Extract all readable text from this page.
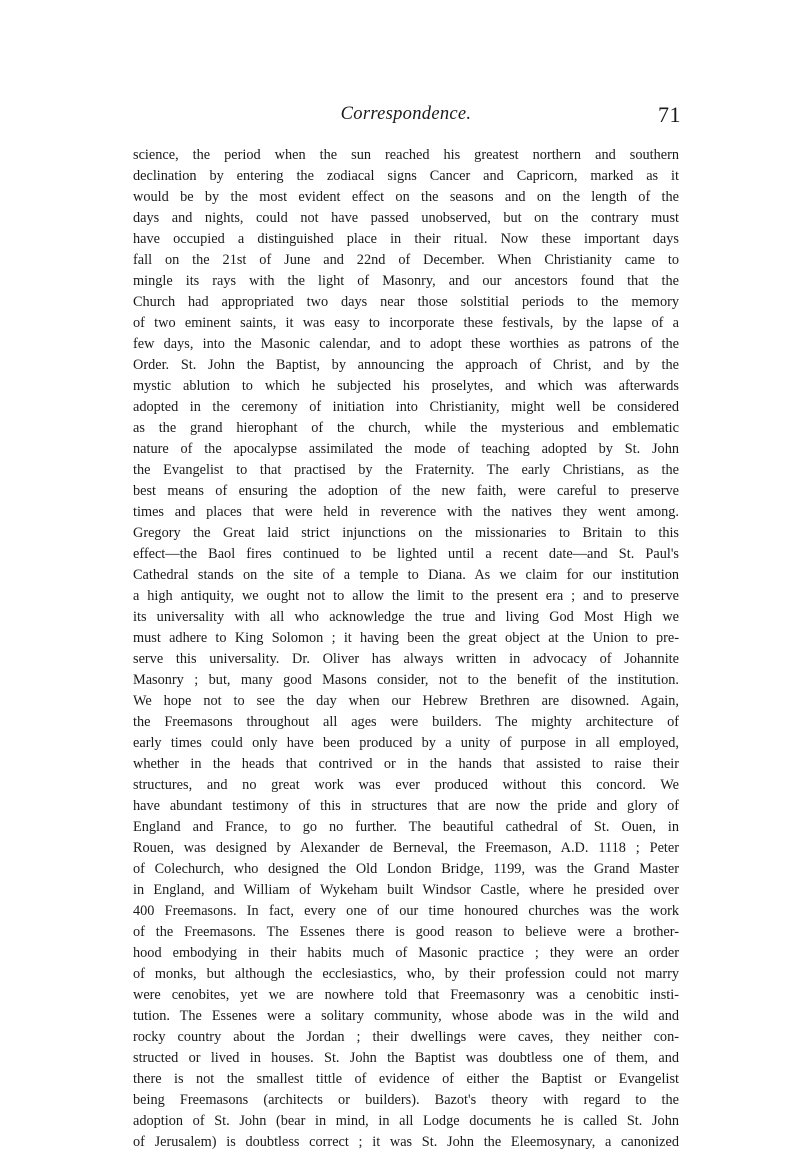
Correspondence.	71
science, the period when the sun reached his greatest northern and southern
declination by entering the zodiacal signs Cancer and Capricorn, marked as it
would be by the most evident effect on the seasons and on the length of the
days and nights, could not have passed unobserved, but on the contrary must
have occupied a distinguished place in their ritual. Now these important days
fall on the 21st of June and 22nd of December. When Christianity came to
mingle its rays with the light of Masonry, and our ancestors found that the
Church had appropriated two days near those solstitial periods to the memory
of two eminent saints, it was easy to incorporate these festivals, by the lapse of a
few days, into the Masonic calendar, and to adopt these worthies as patrons of the
Order. St. John the Baptist, by announcing the approach of Christ, and by the
mystic ablution to which he subjected his proselytes, and which was afterwards
adopted in the ceremony of initiation into Christianity, might well be considered
as the grand hierophant of the church, while the mysterious and emblematic
nature of the apocalypse assimilated the mode of teaching adopted by St. John
the Evangelist to that practised by the Fraternity. The early Christians, as the
best means of ensuring the adoption of the new faith, were careful to preserve
times and places that were held in reverence with the natives they went among.
Gregory the Great laid strict injunctions on the missionaries to Britain to this
effect—the Baol fires continued to be lighted until a recent date—and St. Paul's
Cathedral stands on the site of a temple to Diana. As we claim for our institution
a high antiquity, we ought not to allow the limit to the present era ; and to preserve
its universality with all who acknowledge the true and living God Most High we
must adhere to King Solomon ; it having been the great object at the Union to pre-
serve this universality. Dr. Oliver has always written in advocacy of Johannite
Masonry ; but, many good Masons consider, not to the benefit of the institution.
We hope not to see the day when our Hebrew Brethren are disowned. Again,
the Freemasons throughout all ages were builders. The mighty architecture of
early times could only have been produced by a unity of purpose in all employed,
whether in the heads that contrived or in the hands that assisted to raise their
structures, and no great work was ever produced without this concord. We
have abundant testimony of this in structures that are now the pride and glory of
England and France, to go no further. The beautiful cathedral of St. Ouen, in
Rouen, was designed by Alexander de Berneval, the Freemason, A.D. 1118 ; Peter
of Colechurch, who designed the Old London Bridge, 1199, was the Grand Master
in England, and William of Wykeham built Windsor Castle, where he presided over
400 Freemasons. In fact, every one of our time honoured churches was the work
of the Freemasons. The Essenes there is good reason to believe were a brother-
hood embodying in their habits much of Masonic practice ; they were an order
of monks, but although the ecclesiastics, who, by their profession could not marry
were cenobites, yet we are nowhere told that Freemasonry was a cenobitic insti-
tution. The Essenes were a solitary community, whose abode was in the wild and
rocky country about the Jordan ; their dwellings were caves, they neither con-
structed or lived in houses. St. John the Baptist was doubtless one of them, and
there is not the smallest tittle of evidence of either the Baptist or Evangelist
being Freemasons (architects or builders). Bazot's theory with regard to the
adoption of St. John (bear in mind, in all Lodge documents he is called St. John
of Jerusalem) is doubtless correct ; it was St. John the Eleemosynary, a canonized
